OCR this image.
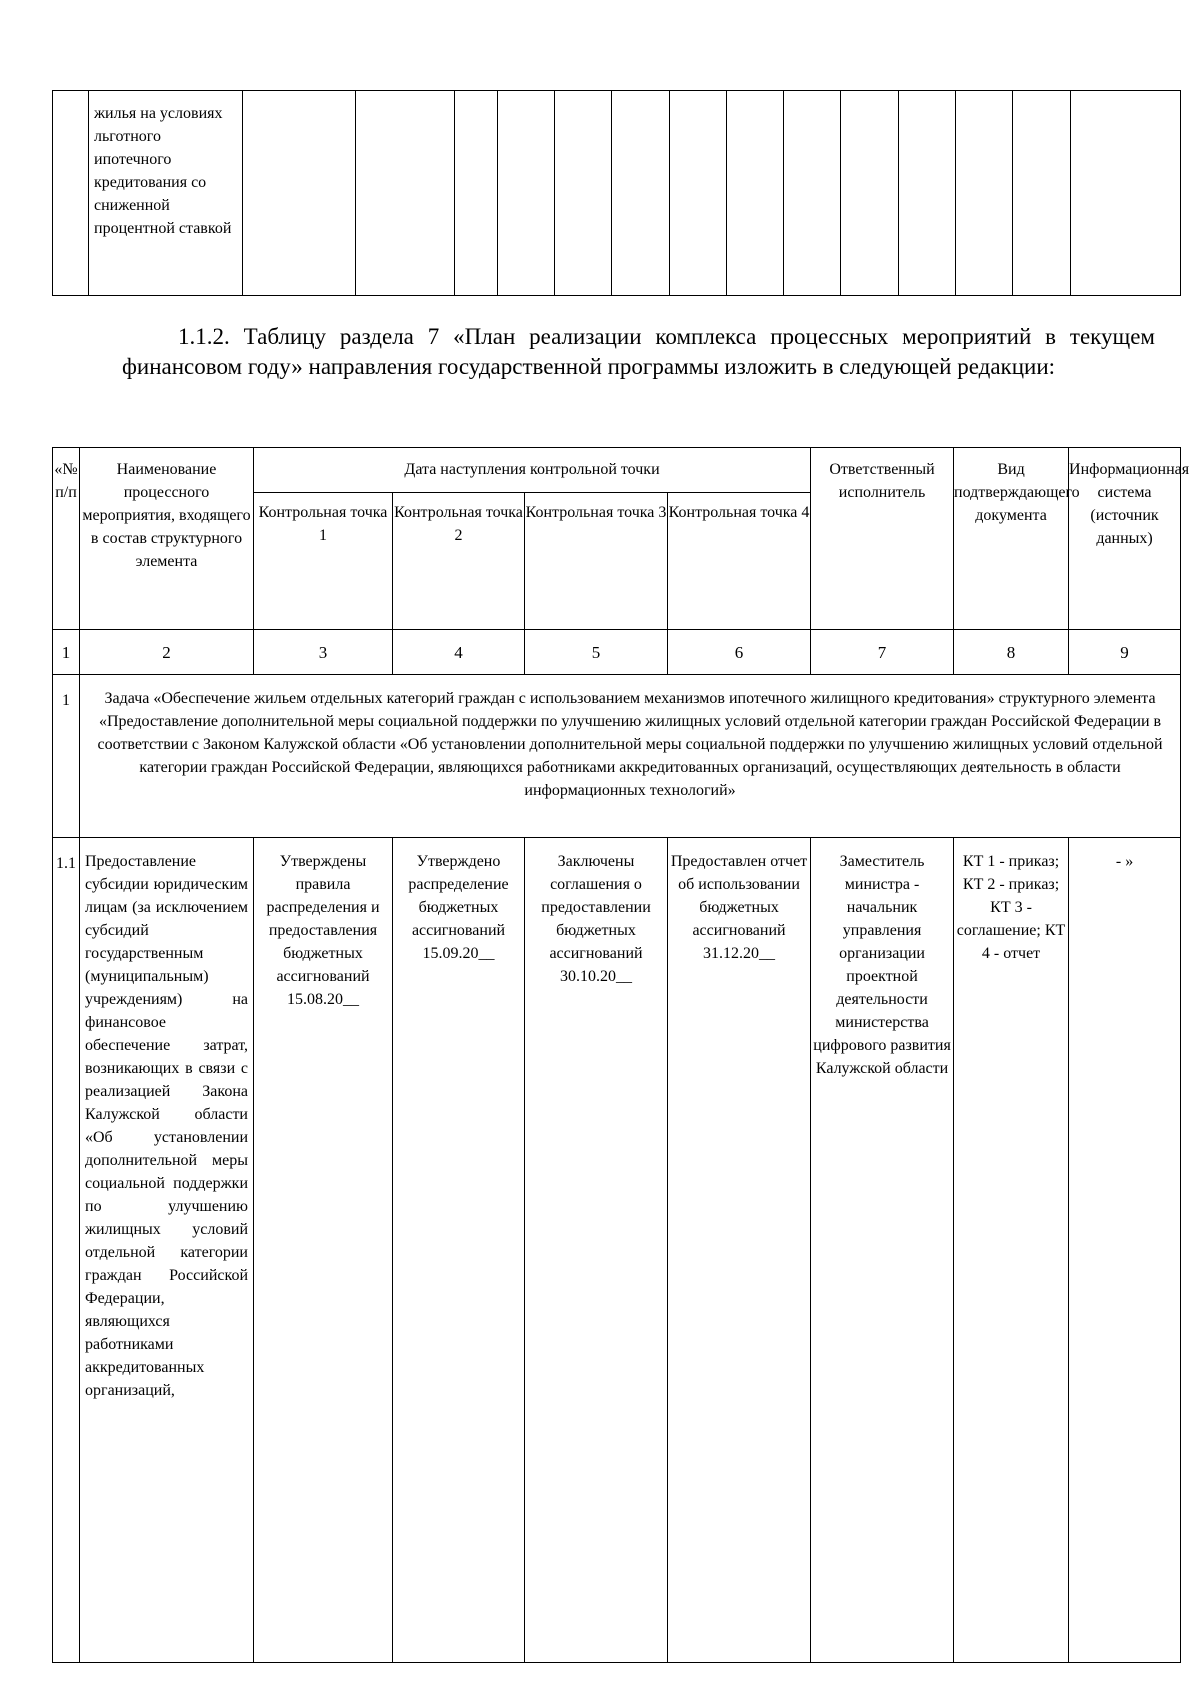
жилья на условиях льготного ипотечного кредитования со сниженной процентной ставкой

1.1.2. Таблицу раздела 7 «План реализации комплекса процессных мероприятий в текущем финансовом году» направления государственной программы изложить в следующей редакции:

«№ п/п	Наименование процессного мероприятия, входящего в состав структурного элемента	Дата наступления контрольной точки				Ответственный исполнитель	Вид подтверждающего документа	Информационная система (источник данных)
		Контрольная точка 1	Контрольная точка 2	Контрольная точка 3	Контрольная точка 4			
1	2	3	4	5	6	7	8	9
1	Задача «Обеспечение жильем отдельных категорий граждан с использованием механизмов ипотечного жилищного кредитования» структурного элемента «Предоставление дополнительной меры социальной поддержки по улучшению жилищных условий отдельной категории граждан Российской Федерации в соответствии с Законом Калужской области «Об установлении дополнительной меры социальной поддержки по улучшению жилищных условий отдельной категории граждан Российской Федерации, являющихся работниками аккредитованных организаций, осуществляющих деятельность в области информационных технологий»							
1.1	Предоставление субсидии юридическим лицам (за исключением субсидий государственным (муниципальным) учреждениям) на финансовое обеспечение затрат, возникающих в связи с реализацией Закона Калужской области «Об установлении дополнительной меры социальной поддержки по улучшению жилищных условий отдельной категории граждан Российской Федерации, являющихся работниками аккредитованных организаций,	Утверждены правила распределения и предоставления бюджетных ассигнований 15.08.20__	Утверждено распределение бюджетных ассигнований 15.09.20__	Заключены соглашения о предоставлении бюджетных ассигнований 30.10.20__	Предоставлен отчет об использовании бюджетных ассигнований 31.12.20__	Заместитель министра - начальник управления организации проектной деятельности министерства цифрового развития Калужской области	КТ 1 - приказ; КТ 2 - приказ; КТ 3 - соглашение; КТ 4 - отчет	- »
